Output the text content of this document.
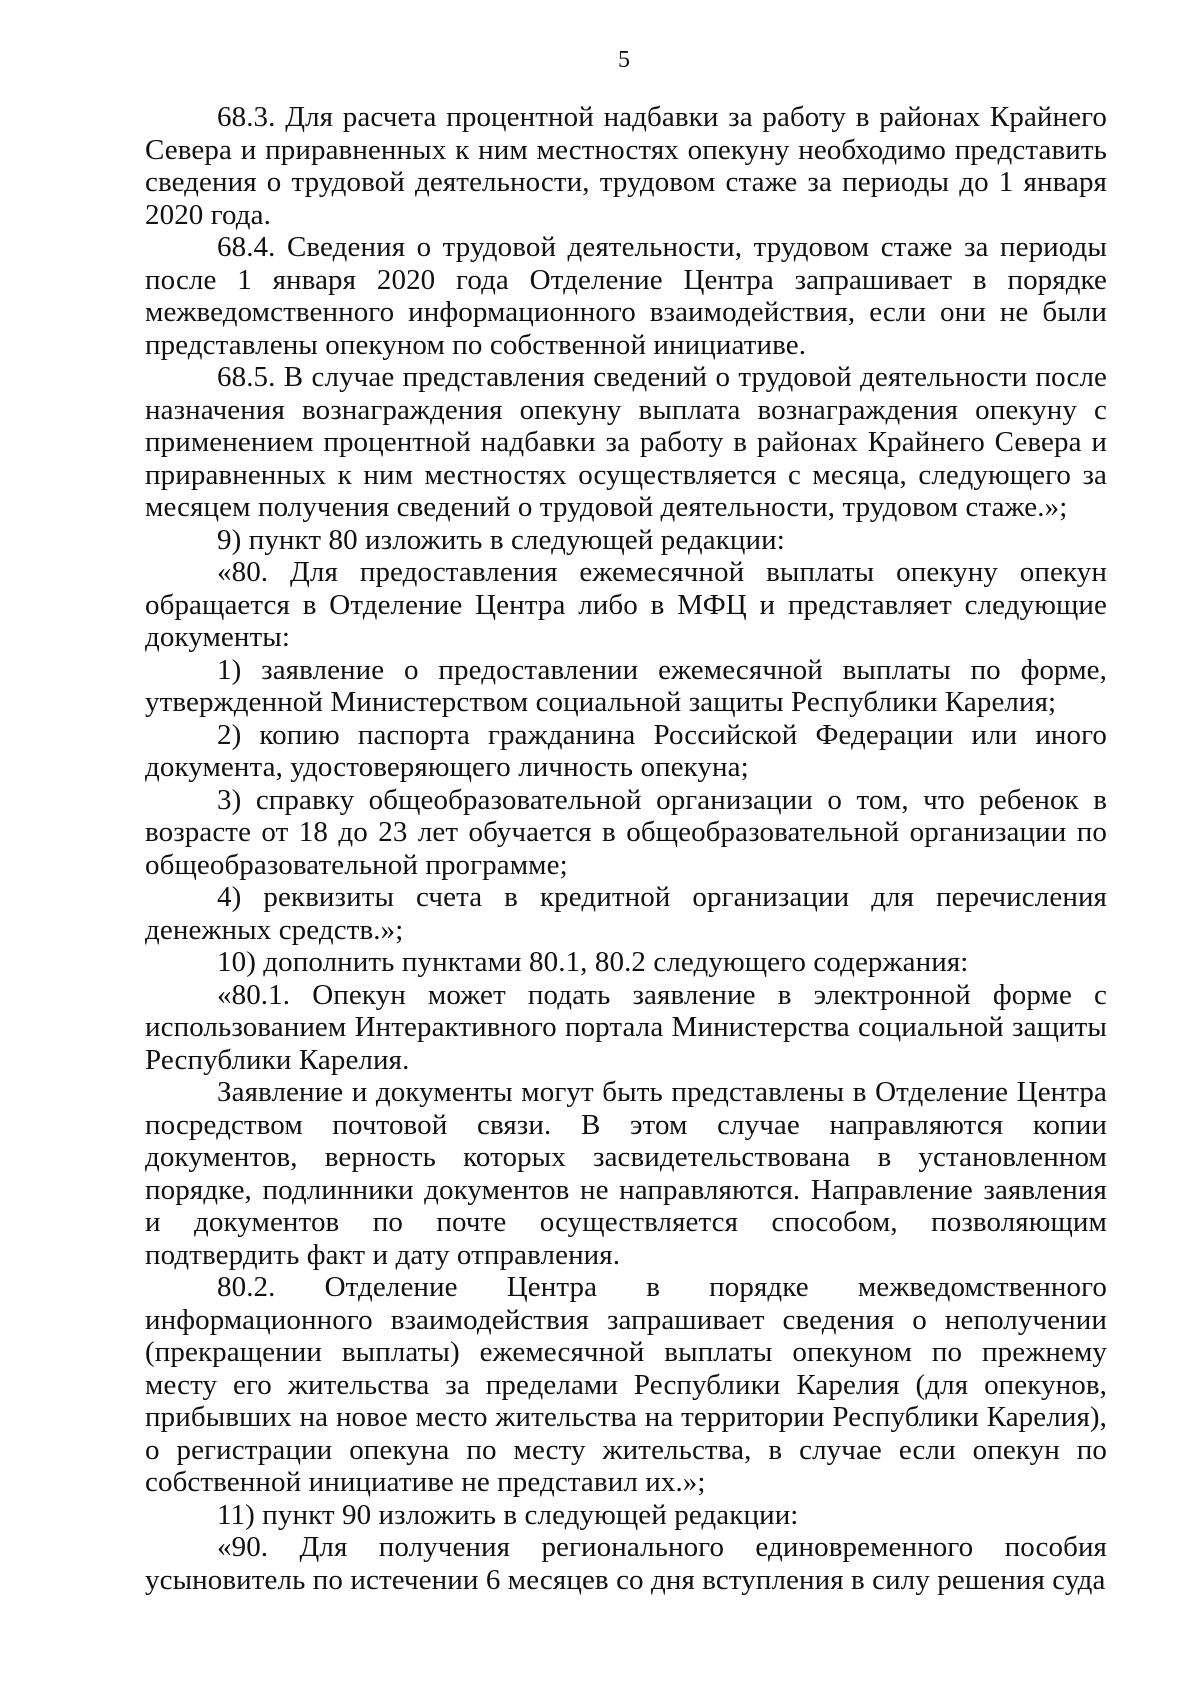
5

68.3. Для расчета процентной надбавки за работу в районах Крайнего Севера и приравненных к ним местностях опекуну необходимо представить сведения о трудовой деятельности, трудовом стаже за периоды до 1 января 2020 года.

68.4. Сведения о трудовой деятельности, трудовом стаже за периоды после 1 января 2020 года Отделение Центра запрашивает в порядке межведомственного информационного взаимодействия, если они не были представлены опекуном по собственной инициативе.

68.5. В случае представления сведений о трудовой деятельности после назначения вознаграждения опекуну выплата вознаграждения опекуну с применением процентной надбавки за работу в районах Крайнего Севера и приравненных к ним местностях осуществляется с месяца, следующего за месяцем получения сведений о трудовой деятельности, трудовом стаже.»;

9) пункт 80 изложить в следующей редакции:

«80. Для предоставления ежемесячной выплаты опекуну опекун обращается в Отделение Центра либо в МФЦ и представляет следующие документы:

1) заявление о предоставлении ежемесячной выплаты по форме, утвержденной Министерством социальной защиты Республики Карелия;

2) копию паспорта гражданина Российской Федерации или иного документа, удостоверяющего личность опекуна;

3) справку общеобразовательной организации о том, что ребенок в возрасте от 18 до 23 лет обучается в общеобразовательной организации по общеобразовательной программе;

4) реквизиты счета в кредитной организации для перечисления денежных средств.»;

10) дополнить пунктами 80.1, 80.2 следующего содержания:

«80.1. Опекун может подать заявление в электронной форме с использованием Интерактивного портала Министерства социальной защиты Республики Карелия.

Заявление и документы могут быть представлены в Отделение Центра посредством почтовой связи. В этом случае направляются копии документов, верность которых засвидетельствована в установленном порядке, подлинники документов не направляются. Направление заявления и документов по почте осуществляется способом, позволяющим подтвердить факт и дату отправления.

80.2. Отделение Центра в порядке межведомственного информационного взаимодействия запрашивает сведения о неполучении (прекращении выплаты) ежемесячной выплаты опекуном по прежнему месту его жительства за пределами Республики Карелия (для опекунов, прибывших на новое место жительства на территории Республики Карелия), о регистрации опекуна по месту жительства, в случае если опекун по собственной инициативе не представил их.»;

11) пункт 90 изложить в следующей редакции:

«90. Для получения регионального единовременного пособия усыновитель по истечении 6 месяцев со дня вступления в силу решения суда
